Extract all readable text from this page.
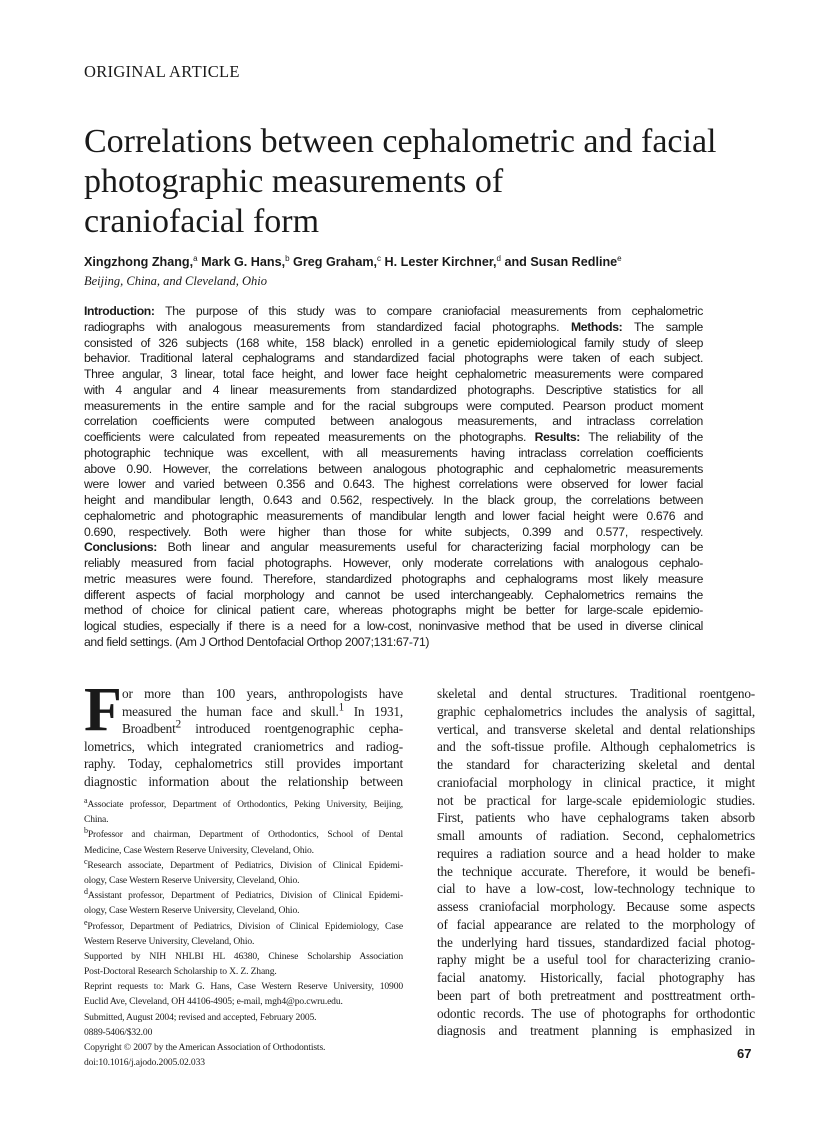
ORIGINAL ARTICLE
Correlations between cephalometric and facial
photographic measurements of
craniofacial form
Xingzhong Zhang,$^a$ Mark G. Hans,$^b$ Greg Graham,$^c$ H. Lester Kirchner,$^d$ and Susan Redline$^e$
Beijing, China, and Cleveland, Ohio
Introduction: The purpose of this study was to compare craniofacial measurements from cephalometric
radiographs with analogous measurements from standardized facial photographs. Methods: The sample
consisted of 326 subjects (168 white, 158 black) enrolled in a genetic epidemiological family study of sleep
behavior. Traditional lateral cephalograms and standardized facial photographs were taken of each subject.
Three angular, 3 linear, total face height, and lower face height cephalometric measurements were compared
with 4 angular and 4 linear measurements from standardized photographs. Descriptive statistics for all
measurements in the entire sample and for the racial subgroups were computed. Pearson product moment
correlation coefficients were computed between analogous measurements, and intraclass correlation
coefficients were calculated from repeated measurements on the photographs. Results: The reliability of the
photographic technique was excellent, with all measurements having intraclass correlation coefficients
above 0.90. However, the correlations between analogous photographic and cephalometric measurements
were lower and varied between 0.356 and 0.643. The highest correlations were observed for lower facial
height and mandibular length, 0.643 and 0.562, respectively. In the black group, the correlations between
cephalometric and photographic measurements of mandibular length and lower facial height were 0.676 and
0.690, respectively. Both were higher than those for white subjects, 0.399 and 0.577, respectively.
Conclusions: Both linear and angular measurements useful for characterizing facial morphology can be
reliably measured from facial photographs. However, only moderate correlations with analogous cephalo-
metric measures were found. Therefore, standardized photographs and cephalograms most likely measure
different aspects of facial morphology and cannot be used interchangeably. Cephalometrics remains the
method of choice for clinical patient care, whereas photographs might be better for large-scale epidemio-
logical studies, especially if there is a need for a low-cost, noninvasive method that be used in diverse clinical
and field settings. (Am J Orthod Dentofacial Orthop 2007;131:67-71)
F or more than 100 years, anthropologists have
measured the human face and skull.$^1$ In 1931,
Broadbent$^2$ introduced roentgenographic cepha-
lometrics, which integrated craniometrics and radiog-
raphy. Today, cephalometrics still provides important
diagnostic information about the relationship between
$^a$Associate professor, Department of Orthodontics, Peking University, Beijing,
China.
$^b$Professor and chairman, Department of Orthodontics, School of Dental
Medicine, Case Western Reserve University, Cleveland, Ohio.
$^c$Research associate, Department of Pediatrics, Division of Clinical Epidemi-
ology, Case Western Reserve University, Cleveland, Ohio.
$^d$Assistant professor, Department of Pediatrics, Division of Clinical Epidemi-
ology, Case Western Reserve University, Cleveland, Ohio.
$^e$Professor, Department of Pediatrics, Division of Clinical Epidemiology, Case
Western Reserve University, Cleveland, Ohio.
Supported by NIH NHLBI HL 46380, Chinese Scholarship Association
Post-Doctoral Research Scholarship to X. Z. Zhang.
Reprint requests to: Mark G. Hans, Case Western Reserve University, 10900
Euclid Ave, Cleveland, OH 44106-4905; e-mail, mgh4@po.cwru.edu.
Submitted, August 2004; revised and accepted, February 2005.
0889-5406/$32.00
Copyright © 2007 by the American Association of Orthodontists.
doi:10.1016/j.ajodo.2005.02.033
skeletal and dental structures. Traditional roentgeno-
graphic cephalometrics includes the analysis of sagittal,
vertical, and transverse skeletal and dental relationships
and the soft-tissue profile. Although cephalometrics is
the standard for characterizing skeletal and dental
craniofacial morphology in clinical practice, it might
not be practical for large-scale epidemiologic studies.
First, patients who have cephalograms taken absorb
small amounts of radiation. Second, cephalometrics
requires a radiation source and a head holder to make
the technique accurate. Therefore, it would be benefi-
cial to have a low-cost, low-technology technique to
assess craniofacial morphology. Because some aspects
of facial appearance are related to the morphology of
the underlying hard tissues, standardized facial photog-
raphy might be a useful tool for characterizing cranio-
facial anatomy. Historically, facial photography has
been part of both pretreatment and posttreatment orth-
odontic records. The use of photographs for orthodontic
diagnosis and treatment planning is emphasized in
67
